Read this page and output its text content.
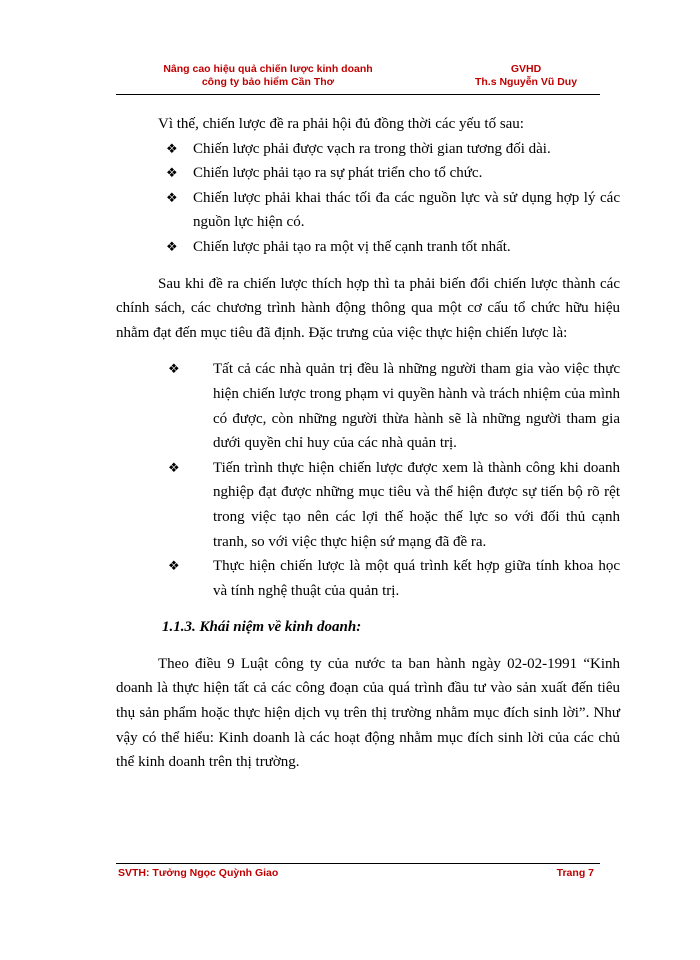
Nâng cao hiệu quả chiến lược kinh doanh
công ty bảo hiểm Cần Thơ
GVHD
Th.s Nguyễn Vũ Duy

Vì thế, chiến lược đề ra phải hội đủ đồng thời các yếu tố sau:

❖ Chiến lược phải được vạch ra trong thời gian tương đối dài.
❖ Chiến lược phải tạo ra sự phát triển cho tổ chức.
❖ Chiến lược phải khai thác tối đa các nguồn lực và sử dụng hợp lý các nguồn lực hiện có.
❖ Chiến lược phải tạo ra một vị thế cạnh tranh tốt nhất.

Sau khi đề ra chiến lược thích hợp thì ta phải biến đổi chiến lược thành các chính sách, các chương trình hành động thông qua một cơ cấu tổ chức hữu hiệu nhằm đạt đến mục tiêu đã định. Đặc trưng của việc thực hiện chiến lược là:

❖ Tất cả các nhà quản trị đều là những người tham gia vào việc thực hiện chiến lược trong phạm vi quyền hành và trách nhiệm của mình có được, còn những người thừa hành sẽ là những người tham gia dưới quyền chỉ huy của các nhà quản trị.
❖ Tiến trình thực hiện chiến lược được xem là thành công khi doanh nghiệp đạt được những mục tiêu và thể hiện được sự tiến bộ rõ rệt trong việc tạo nên các lợi thế hoặc thế lực so với đối thủ cạnh tranh, so với việc thực hiện sứ mạng đã đề ra.
❖ Thực hiện chiến lược là một quá trình kết hợp giữa tính khoa học và tính nghệ thuật của quản trị.

1.1.3. Khái niệm về kinh doanh:

Theo điều 9 Luật công ty của nước ta ban hành ngày 02-02-1991 “Kinh doanh là thực hiện tất cả các công đoạn của quá trình đầu tư vào sản xuất đến tiêu thụ sản phẩm hoặc thực hiện dịch vụ trên thị trường nhằm mục đích sinh lời”. Như vậy có thể hiểu: Kinh doanh là các hoạt động nhằm mục đích sinh lời của các chủ thể kinh doanh trên thị trường.

SVTH: Tưởng Ngọc Quỳnh Giao	Trang 7
